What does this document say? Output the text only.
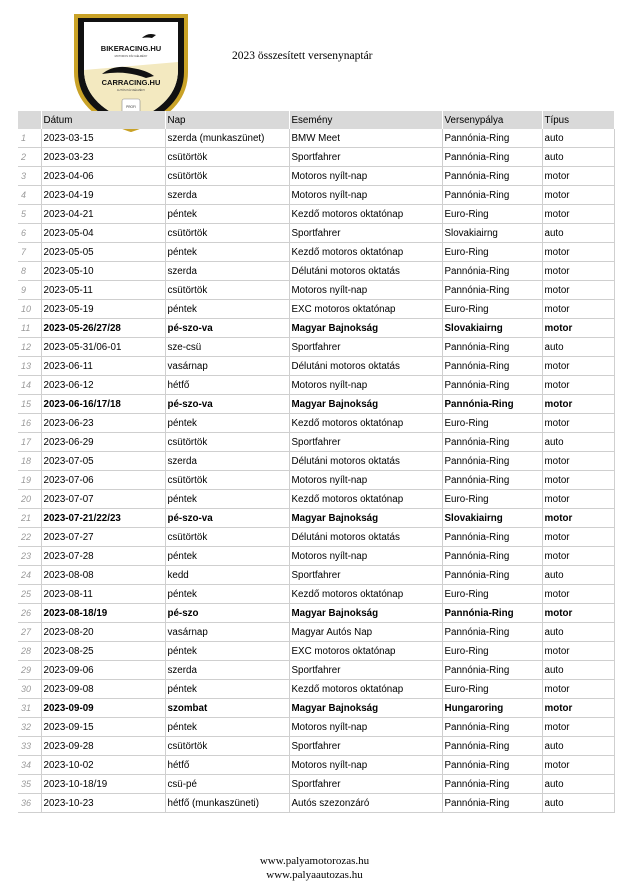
BIKERACING.HU
MOTOROS PÁLYAÉLMÉNY
CARRACING.HU
AUTÓS PÁLYAÉLMÉNY
PROFI
2023 összesített versenynaptár
	Dátum	Nap	Esemény	Versenypálya	Típus
1	2023-03-15	szerda (munkaszünet)	BMW Meet	Pannónia-Ring	auto
2	2023-03-23	csütörtök	Sportfahrer	Pannónia-Ring	auto
3	2023-04-06	csütörtök	Motoros nyílt-nap	Pannónia-Ring	motor
4	2023-04-19	szerda	Motoros nyílt-nap	Pannónia-Ring	motor
5	2023-04-21	péntek	Kezdő motoros oktatónap	Euro-Ring	motor
6	2023-05-04	csütörtök	Sportfahrer	Slovakiairng	auto
7	2023-05-05	péntek	Kezdő motoros oktatónap	Euro-Ring	motor
8	2023-05-10	szerda	Délutáni motoros oktatás	Pannónia-Ring	motor
9	2023-05-11	csütörtök	Motoros nyílt-nap	Pannónia-Ring	motor
10	2023-05-19	péntek	EXC motoros oktatónap	Euro-Ring	motor
11	2023-05-26/27/28	pé-szo-va	Magyar Bajnokság	Slovakiairng	motor
12	2023-05-31/06-01	sze-csü	Sportfahrer	Pannónia-Ring	auto
13	2023-06-11	vasárnap	Délutáni motoros oktatás	Pannónia-Ring	motor
14	2023-06-12	hétfő	Motoros nyílt-nap	Pannónia-Ring	motor
15	2023-06-16/17/18	pé-szo-va	Magyar Bajnokság	Pannónia-Ring	motor
16	2023-06-23	péntek	Kezdő motoros oktatónap	Euro-Ring	motor
17	2023-06-29	csütörtök	Sportfahrer	Pannónia-Ring	auto
18	2023-07-05	szerda	Délutáni motoros oktatás	Pannónia-Ring	motor
19	2023-07-06	csütörtök	Motoros nyílt-nap	Pannónia-Ring	motor
20	2023-07-07	péntek	Kezdő motoros oktatónap	Euro-Ring	motor
21	2023-07-21/22/23	pé-szo-va	Magyar Bajnokság	Slovakiairng	motor
22	2023-07-27	csütörtök	Délutáni motoros oktatás	Pannónia-Ring	motor
23	2023-07-28	péntek	Motoros nyílt-nap	Pannónia-Ring	motor
24	2023-08-08	kedd	Sportfahrer	Pannónia-Ring	auto
25	2023-08-11	péntek	Kezdő motoros oktatónap	Euro-Ring	motor
26	2023-08-18/19	pé-szo	Magyar Bajnokság	Pannónia-Ring	motor
27	2023-08-20	vasárnap	Magyar Autós Nap	Pannónia-Ring	auto
28	2023-08-25	péntek	EXC motoros oktatónap	Euro-Ring	motor
29	2023-09-06	szerda	Sportfahrer	Pannónia-Ring	auto
30	2023-09-08	péntek	Kezdő motoros oktatónap	Euro-Ring	motor
31	2023-09-09	szombat	Magyar Bajnokság	Hungaroring	motor
32	2023-09-15	péntek	Motoros nyílt-nap	Pannónia-Ring	motor
33	2023-09-28	csütörtök	Sportfahrer	Pannónia-Ring	auto
34	2023-10-02	hétfő	Motoros nyílt-nap	Pannónia-Ring	motor
35	2023-10-18/19	csü-pé	Sportfahrer	Pannónia-Ring	auto
36	2023-10-23	hétfő (munkaszüneti)	Autós szezonzáró	Pannónia-Ring	auto
www.palyamotorozas.hu
www.palyaautozas.hu
